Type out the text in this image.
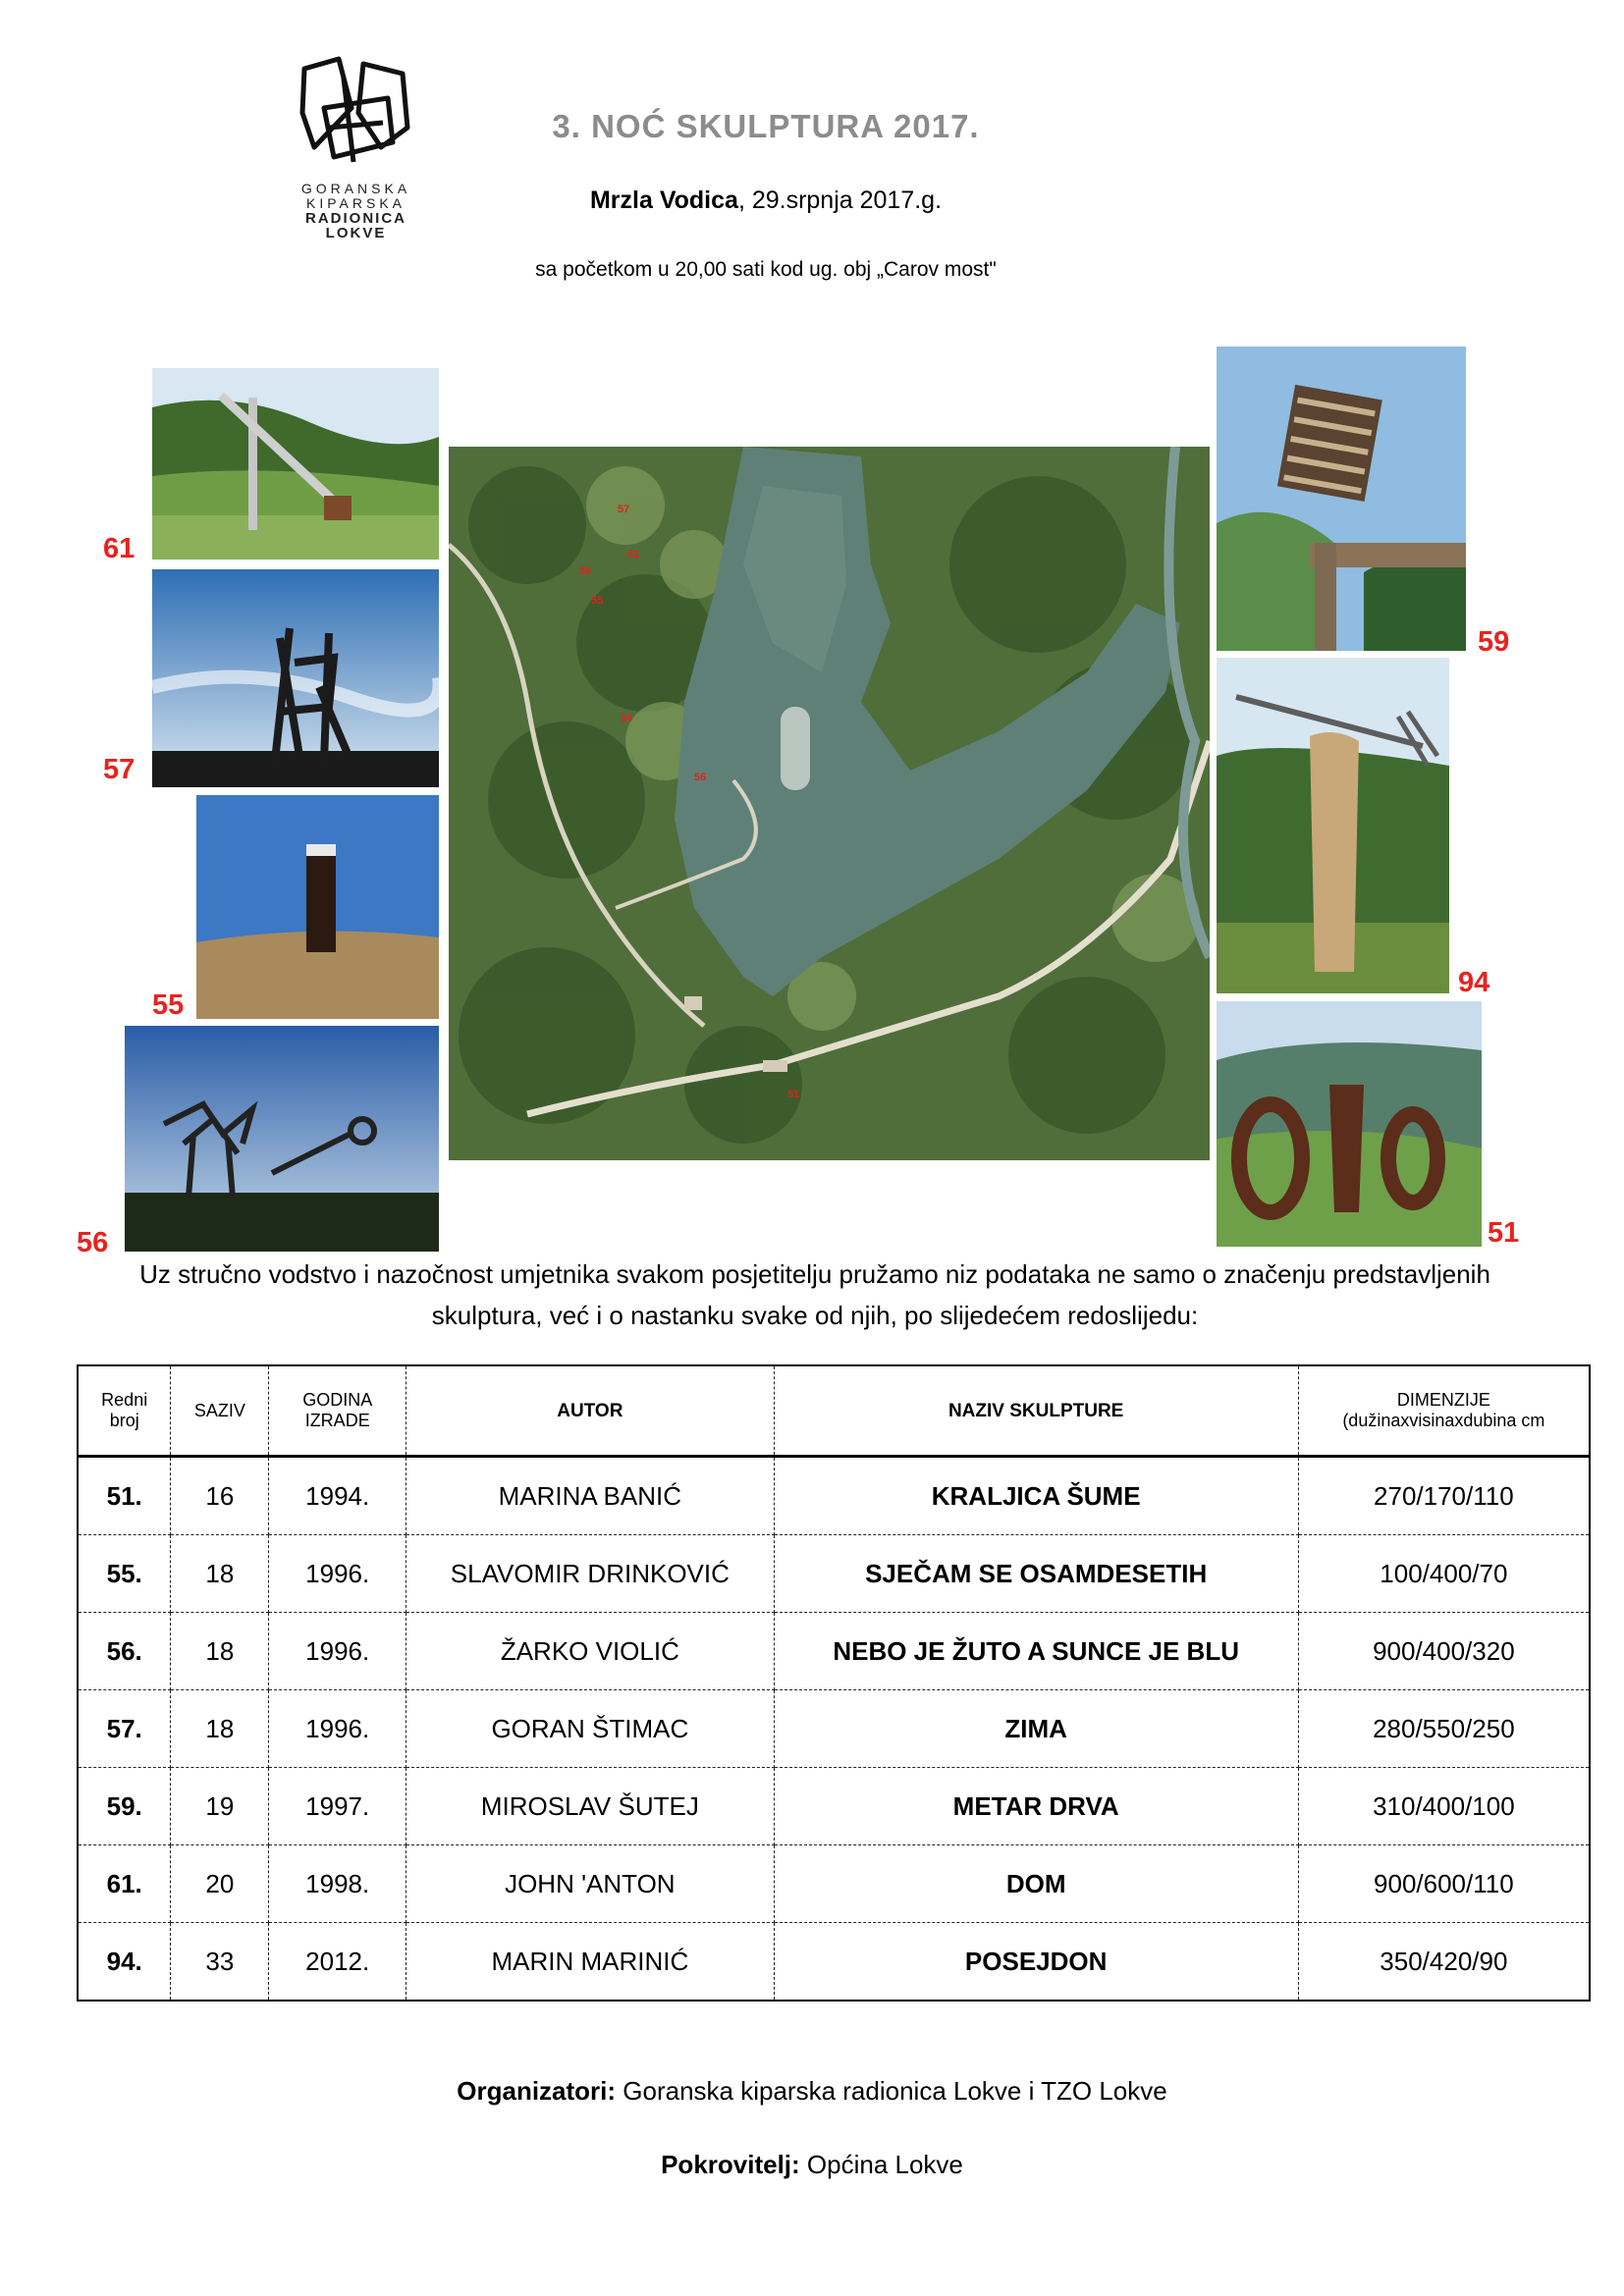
GORANSKA
KIPARSKA
RADIONICA
LOKVE
3. NOĆ SKULPTURA 2017.
Mrzla Vodica, 29.srpnja 2017.g.
sa početkom u 20,00 sati kod ug. obj „Carov most"
61
57
55
56
57
61
59
55
94
56
51
59
94
51
Uz stručno vodstvo i nazočnost umjetnika svakom posjetitelju pružamo niz podataka ne samo o značenju predstavljenih skulptura, već i o nastanku svake od njih, po slijedećem redoslijedu:
Redni
broj	SAZIV	GODINA
IZRADE	AUTOR	NAZIV SKULPTURE	DIMENZIJE
(dužinaxvisinaxdubina cm
51.	16	1994.	MARINA BANIĆ	KRALJICA ŠUME	270/170/110
55.	18	1996.	SLAVOMIR DRINKOVIĆ	SJEČAM SE OSAMDESETIH	100/400/70
56.	18	1996.	ŽARKO VIOLIĆ	NEBO JE ŽUTO A SUNCE JE BLU	900/400/320
57.	18	1996.	GORAN ŠTIMAC	ZIMA	280/550/250
59.	19	1997.	MIROSLAV ŠUTEJ	METAR DRVA	310/400/100
61.	20	1998.	JOHN 'ANTON	DOM	900/600/110
94.	33	2012.	MARIN MARINIĆ	POSEJDON	350/420/90
Organizatori: Goranska kiparska radionica Lokve i TZO Lokve
Pokrovitelj: Općina Lokve
